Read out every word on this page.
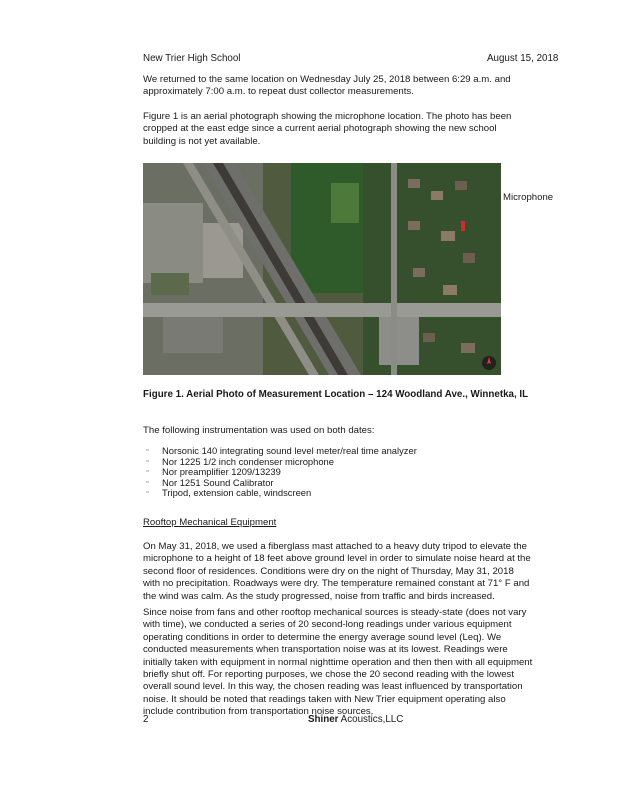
New Trier High School	August 15, 2018
We returned to the same location on Wednesday July 25, 2018 between 6:29 a.m. and approximately 7:00 a.m. to repeat dust collector measurements.
Figure 1 is an aerial photograph showing the microphone location. The photo has been cropped at the east edge since a current aerial photograph showing the new school building is not yet available.
Microphone
Figure 1. Aerial Photo of Measurement Location – 124 Woodland Ave., Winnetka, IL
The following instrumentation was used on both dates:
▫ Norsonic 140 integrating sound level meter/real time analyzer
▫ Nor 1225 1/2 inch condenser microphone
▫ Nor preamplifier 1209/13239
▫ Nor 1251 Sound Calibrator
▫ Tripod, extension cable, windscreen
Rooftop Mechanical Equipment
On May 31, 2018, we used a fiberglass mast attached to a heavy duty tripod to elevate the microphone to a height of 18 feet above ground level in order to simulate noise heard at the second floor of residences. Conditions were dry on the night of Thursday, May 31, 2018 with no precipitation. Roadways were dry. The temperature remained constant at 71° F and the wind was calm. As the study progressed, noise from traffic and birds increased.
Since noise from fans and other rooftop mechanical sources is steady-state (does not vary with time), we conducted a series of 20 second-long readings under various equipment operating conditions in order to determine the energy average sound level (Leq). We conducted measurements when transportation noise was at its lowest. Readings were initially taken with equipment in normal nighttime operation and then then with all equipment briefly shut off. For reporting purposes, we chose the 20 second reading with the lowest overall sound level. In this way, the chosen reading was least influenced by transportation noise. It should be noted that readings taken with New Trier equipment operating also include contribution from transportation noise sources.
2	Shiner Acoustics,LLC
